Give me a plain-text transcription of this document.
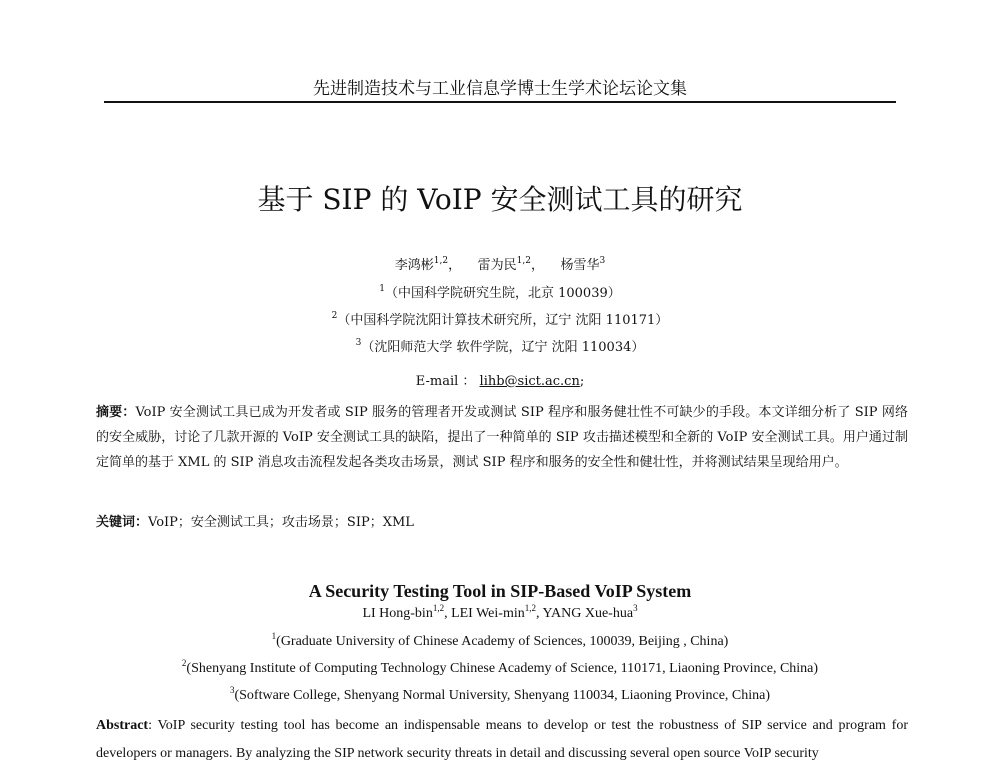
先进制造技术与工业信息学博士生学术论坛论文集
基于 SIP 的 VoIP 安全测试工具的研究
李鸿彬$^{1,2}$， 雷为民$^{1,2}$， 杨雪华$^3$
$^1$（中国科学院研究生院，北京 100039）
$^2$（中国科学院沈阳计算技术研究所，辽宁 沈阳 110171）
$^3$（沈阳师范大学 软件学院，辽宁 沈阳 110034）
E-mail ： lihb@sict.ac.cn;
摘要：VoIP 安全测试工具已成为开发者或 SIP 服务的管理者开发或测试 SIP 程序和服务健壮性不可缺少的手段。本文详细分析了 SIP 网络的安全威胁，讨论了几款开源的 VoIP 安全测试工具的缺陷，提出了一种简单的 SIP 攻击描述模型和全新的 VoIP 安全测试工具。用户通过制定简单的基于 XML 的 SIP 消息攻击流程发起各类攻击场景，测试 SIP 程序和服务的安全性和健壮性，并将测试结果呈现给用户。
关键词：VoIP；安全测试工具；攻击场景；SIP；XML
A Security Testing Tool in SIP-Based VoIP System
LI Hong-bin$^{1,2}$, LEI Wei-$\min^{1,2}$, YANG Xue-hua$^3$
$^1$(Graduate University of Chinese Academy of Sciences, 100039, Beijing , China)
$^2$(Shenyang Institute of Computing Technology Chinese Academy of Science, 110171, Liaoning Province, China)
$^3$(Software College, Shenyang Normal University, Shenyang 110034, Liaoning Province, China)
Abstract: VoIP security testing tool has become an indispensable means to develop or test the robustness of SIP service and program for developers or managers. By analyzing the SIP network security threats in detail and discussing several open source VoIP security
